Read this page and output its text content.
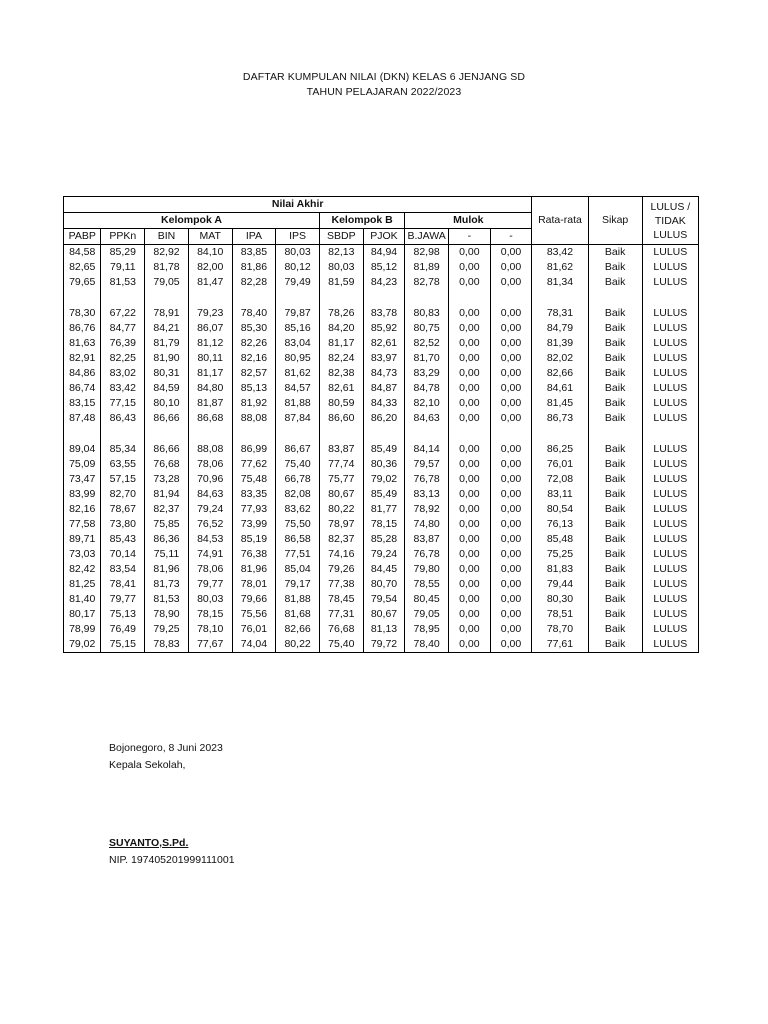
DAFTAR KUMPULAN NILAI (DKN) KELAS 6 JENJANG SD
TAHUN PELAJARAN 2022/2023
Nilai Akhir											Rata-rata	Sikap	LULUS / TIDAK LULUS
Kelompok A						Kelompok B		Mulok					
PABP	PPKn	BIN	MAT	IPA	IPS	SBDP	PJOK	B.JAWA	-	-			
84,58	85,29	82,92	84,10	83,85	80,03	82,13	84,94	82,98	0,00	0,00	83,42	Baik	LULUS
82,65	79,11	81,78	82,00	81,86	80,12	80,03	85,12	81,89	0,00	0,00	81,62	Baik	LULUS
79,65	81,53	79,05	81,47	82,28	79,49	81,59	84,23	82,78	0,00	0,00	81,34	Baik	LULUS

78,30	67,22	78,91	79,23	78,40	79,87	78,26	83,78	80,83	0,00	0,00	78,31	Baik	LULUS
86,76	84,77	84,21	86,07	85,30	85,16	84,20	85,92	80,75	0,00	0,00	84,79	Baik	LULUS
81,63	76,39	81,79	81,12	82,26	83,04	81,17	82,61	82,52	0,00	0,00	81,39	Baik	LULUS
82,91	82,25	81,90	80,11	82,16	80,95	82,24	83,97	81,70	0,00	0,00	82,02	Baik	LULUS
84,86	83,02	80,31	81,17	82,57	81,62	82,38	84,73	83,29	0,00	0,00	82,66	Baik	LULUS
86,74	83,42	84,59	84,80	85,13	84,57	82,61	84,87	84,78	0,00	0,00	84,61	Baik	LULUS
83,15	77,15	80,10	81,87	81,92	81,88	80,59	84,33	82,10	0,00	0,00	81,45	Baik	LULUS
87,48	86,43	86,66	86,68	88,08	87,84	86,60	86,20	84,63	0,00	0,00	86,73	Baik	LULUS

89,04	85,34	86,66	88,08	86,99	86,67	83,87	85,49	84,14	0,00	0,00	86,25	Baik	LULUS
75,09	63,55	76,68	78,06	77,62	75,40	77,74	80,36	79,57	0,00	0,00	76,01	Baik	LULUS
73,47	57,15	73,28	70,96	75,48	66,78	75,77	79,02	76,78	0,00	0,00	72,08	Baik	LULUS
83,99	82,70	81,94	84,63	83,35	82,08	80,67	85,49	83,13	0,00	0,00	83,11	Baik	LULUS
82,16	78,67	82,37	79,24	77,93	83,62	80,22	81,77	78,92	0,00	0,00	80,54	Baik	LULUS
77,58	73,80	75,85	76,52	73,99	75,50	78,97	78,15	74,80	0,00	0,00	76,13	Baik	LULUS
89,71	85,43	86,36	84,53	85,19	86,58	82,37	85,28	83,87	0,00	0,00	85,48	Baik	LULUS
73,03	70,14	75,11	74,91	76,38	77,51	74,16	79,24	76,78	0,00	0,00	75,25	Baik	LULUS
82,42	83,54	81,96	78,06	81,96	85,04	79,26	84,45	79,80	0,00	0,00	81,83	Baik	LULUS
81,25	78,41	81,73	79,77	78,01	79,17	77,38	80,70	78,55	0,00	0,00	79,44	Baik	LULUS
81,40	79,77	81,53	80,03	79,66	81,88	78,45	79,54	80,45	0,00	0,00	80,30	Baik	LULUS
80,17	75,13	78,90	78,15	75,56	81,68	77,31	80,67	79,05	0,00	0,00	78,51	Baik	LULUS
78,99	76,49	79,25	78,10	76,01	82,66	76,68	81,13	78,95	0,00	0,00	78,70	Baik	LULUS
79,02	75,15	78,83	77,67	74,04	80,22	75,40	79,72	78,40	0,00	0,00	77,61	Baik	LULUS
Bojonegoro, 8 Juni 2023
Kepala Sekolah,
SUYANTO,S.Pd.
NIP. 197405201999111001
